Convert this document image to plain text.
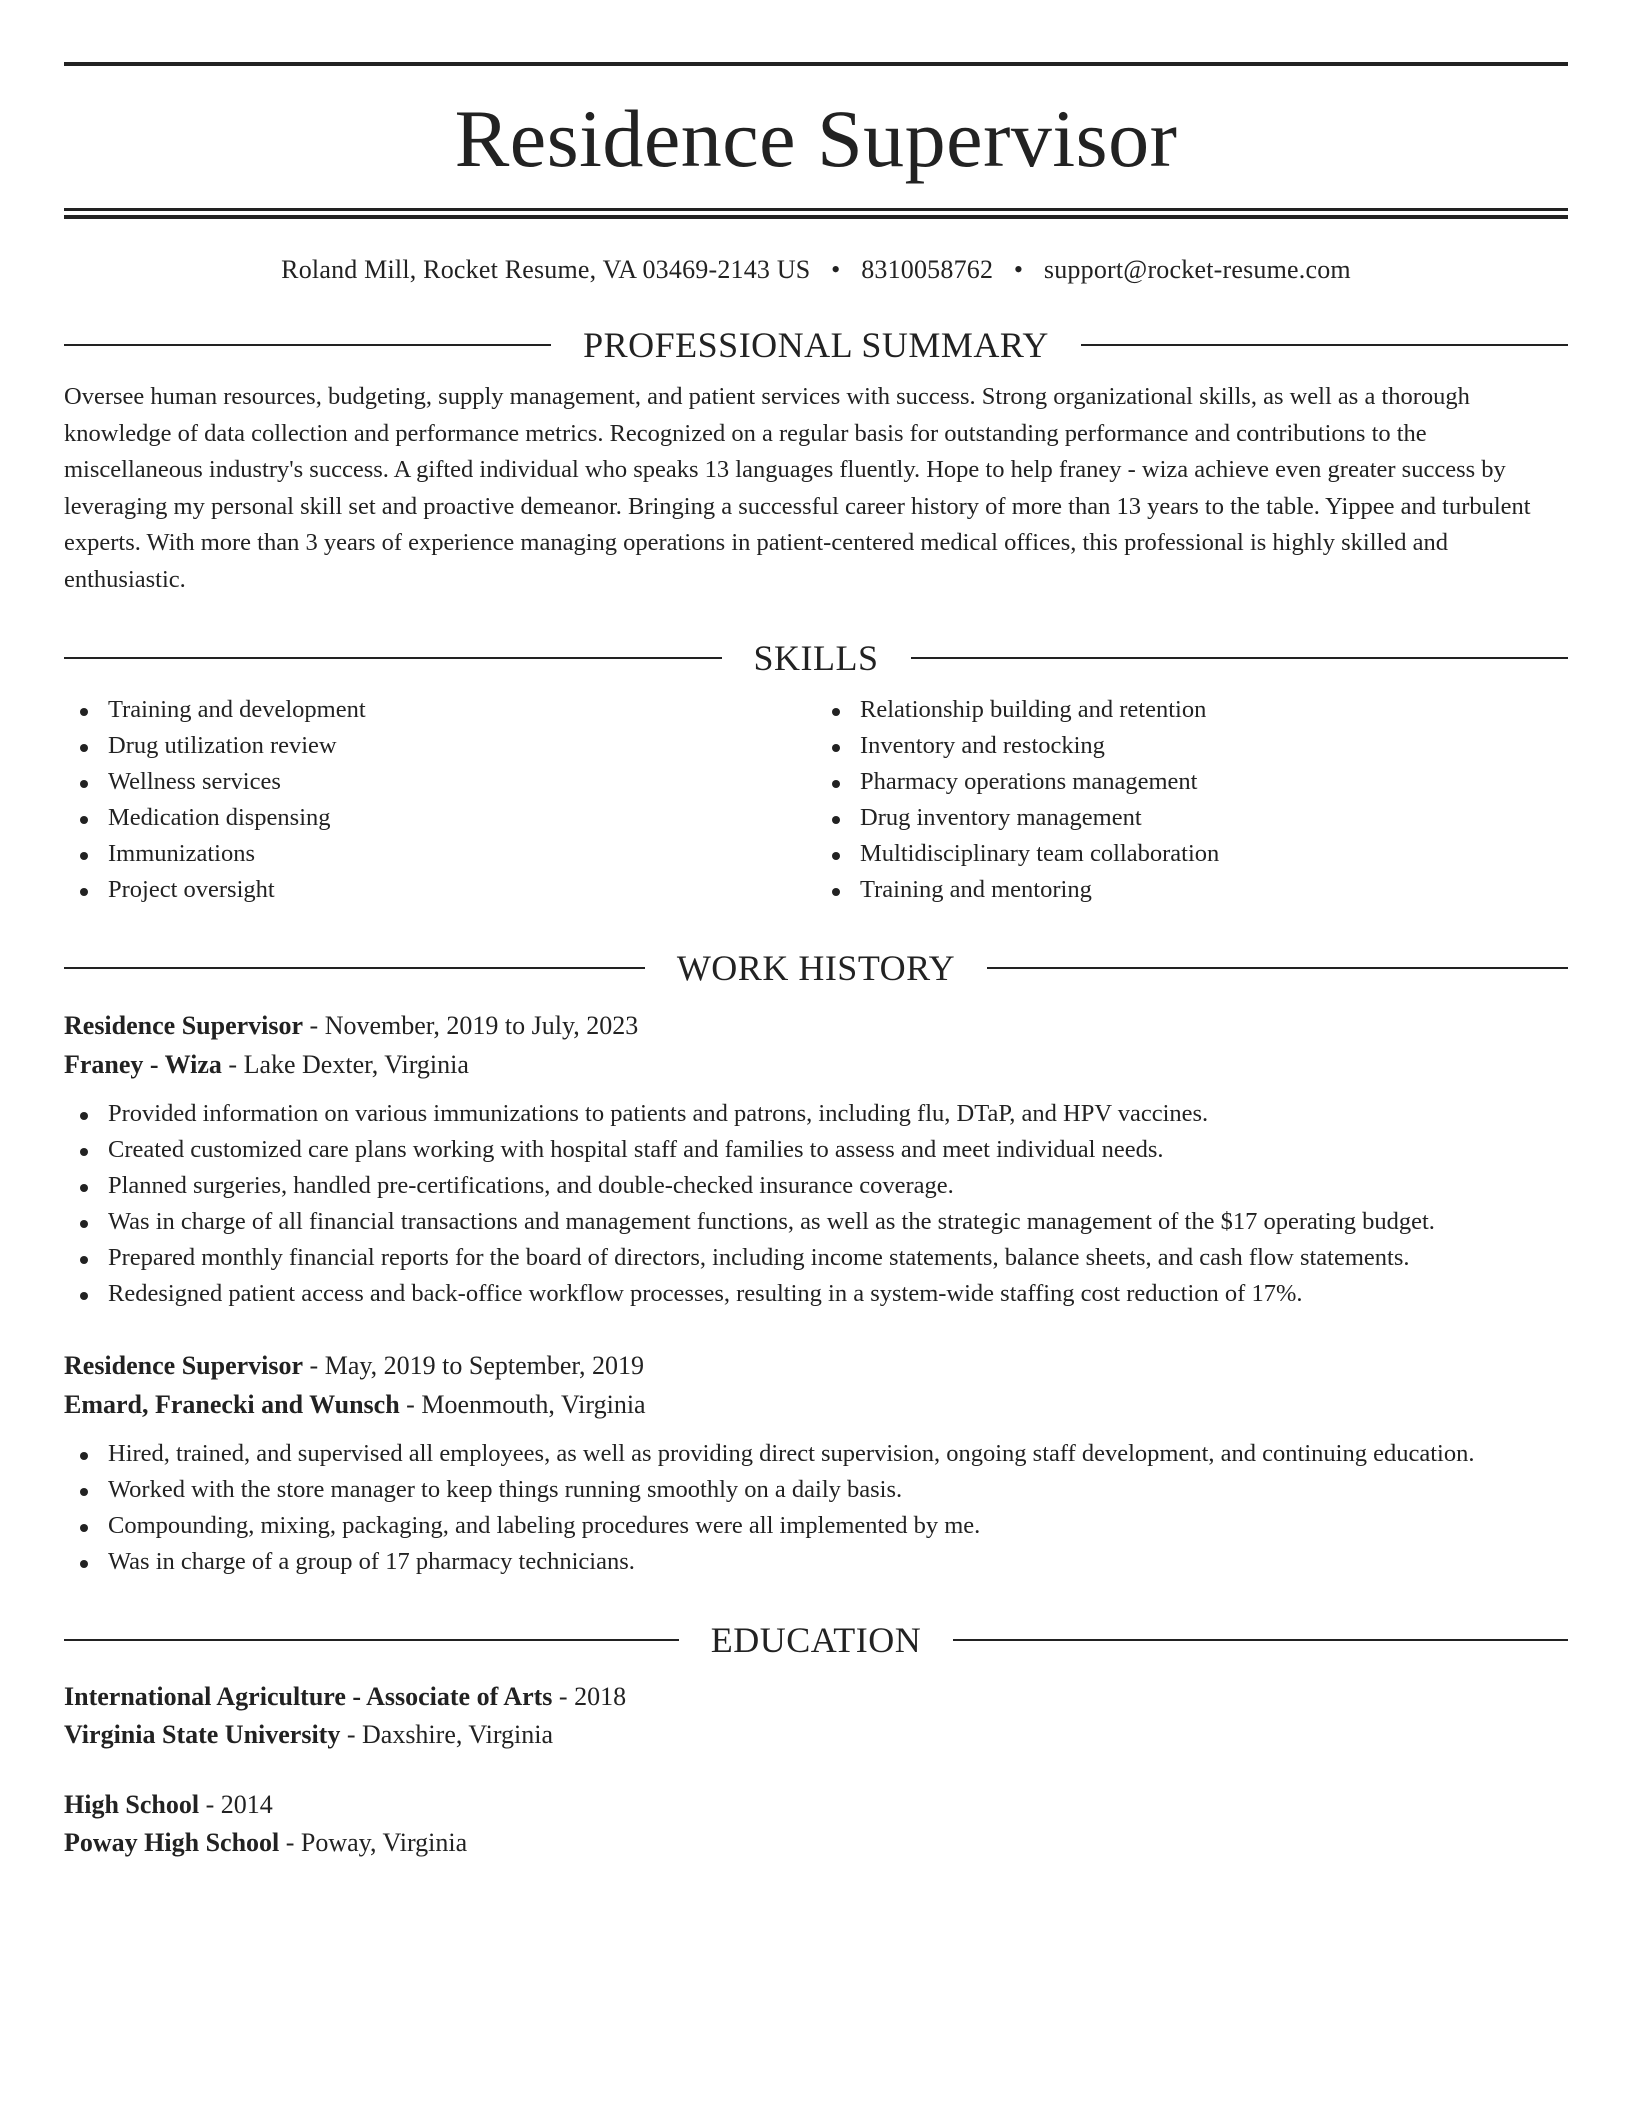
Residence Supervisor
Roland Mill, Rocket Resume, VA 03469-2143 US • 8310058762 • support@rocket-resume.com
PROFESSIONAL SUMMARY
Oversee human resources, budgeting, supply management, and patient services with success. Strong organizational skills, as well as a thorough knowledge of data collection and performance metrics. Recognized on a regular basis for outstanding performance and contributions to the miscellaneous industry's success. A gifted individual who speaks 13 languages fluently. Hope to help franey - wiza achieve even greater success by leveraging my personal skill set and proactive demeanor. Bringing a successful career history of more than 13 years to the table. Yippee and turbulent experts. With more than 3 years of experience managing operations in patient-centered medical offices, this professional is highly skilled and enthusiastic.
SKILLS
Training and development
Drug utilization review
Wellness services
Medication dispensing
Immunizations
Project oversight
Relationship building and retention
Inventory and restocking
Pharmacy operations management
Drug inventory management
Multidisciplinary team collaboration
Training and mentoring
WORK HISTORY
Residence Supervisor - November, 2019 to July, 2023
Franey - Wiza - Lake Dexter, Virginia
Provided information on various immunizations to patients and patrons, including flu, DTaP, and HPV vaccines.
Created customized care plans working with hospital staff and families to assess and meet individual needs.
Planned surgeries, handled pre-certifications, and double-checked insurance coverage.
Was in charge of all financial transactions and management functions, as well as the strategic management of the $17 operating budget.
Prepared monthly financial reports for the board of directors, including income statements, balance sheets, and cash flow statements.
Redesigned patient access and back-office workflow processes, resulting in a system-wide staffing cost reduction of 17%.
Residence Supervisor - May, 2019 to September, 2019
Emard, Franecki and Wunsch - Moenmouth, Virginia
Hired, trained, and supervised all employees, as well as providing direct supervision, ongoing staff development, and continuing education.
Worked with the store manager to keep things running smoothly on a daily basis.
Compounding, mixing, packaging, and labeling procedures were all implemented by me.
Was in charge of a group of 17 pharmacy technicians.
EDUCATION
International Agriculture - Associate of Arts - 2018
Virginia State University - Daxshire, Virginia
High School - 2014
Poway High School - Poway, Virginia
